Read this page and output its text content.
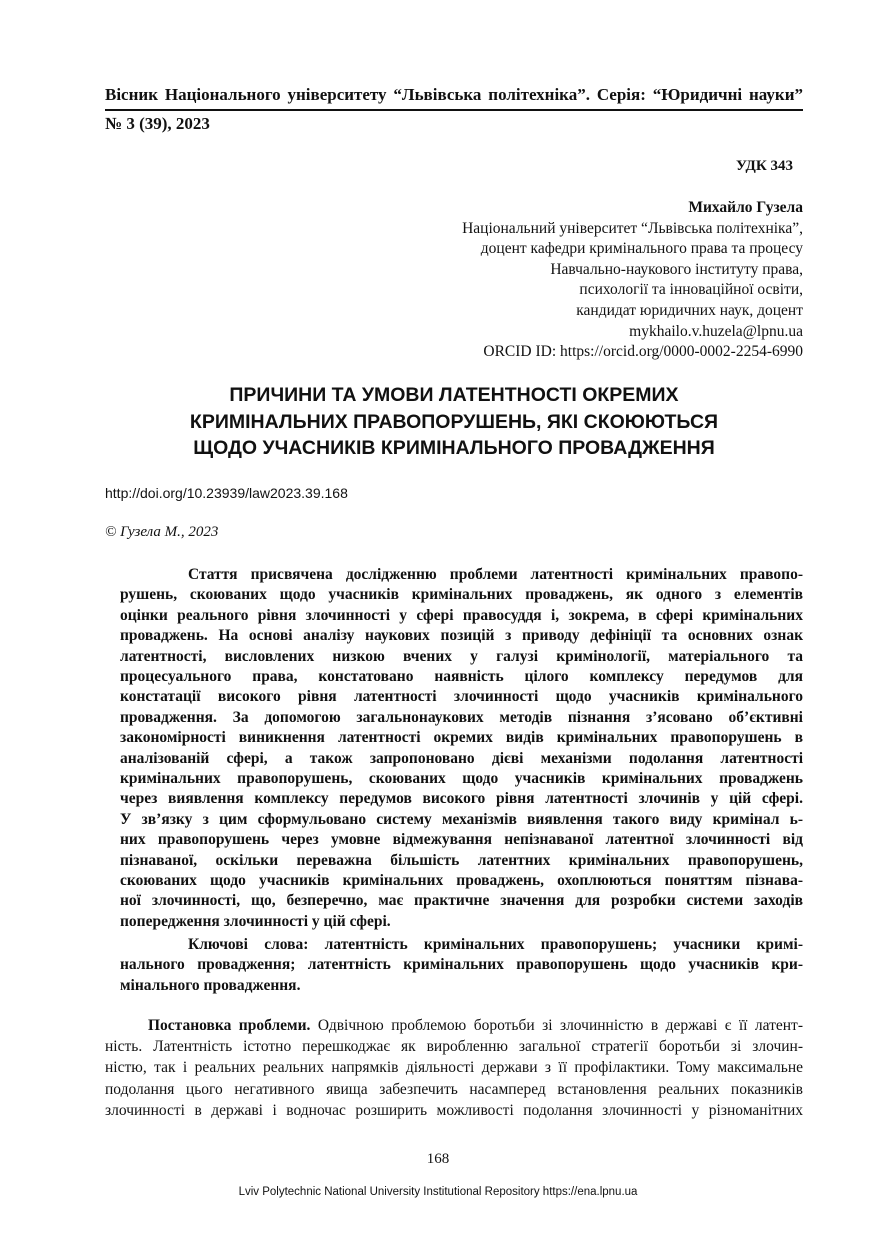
Вісник Національного університету “Львівська політехніка”. Серія: “Юридичні науки”
№ 3 (39), 2023
УДК 343
Михайло Гузела
Національний університет “Львівська політехніка”,
доцент кафедри кримінального права та процесу
Навчально-наукового інституту права,
психології та інноваційної освіти,
кандидат юридичних наук, доцент
mykhailo.v.huzela@lpnu.ua
ORCID ID: https://orcid.org/0000-0002-2254-6990
ПРИЧИНИ ТА УМОВИ ЛАТЕНТНОСТІ ОКРЕМИХ
КРИМІНАЛЬНИХ ПРАВОПОРУШЕНЬ, ЯКІ СКОЮЮТЬСЯ
ЩОДО УЧАСНИКІВ КРИМІНАЛЬНОГО ПРОВАДЖЕННЯ
http://doi.org/10.23939/law2023.39.168
© Гузела М., 2023
Стаття присвячена дослідженню проблеми латентності кримінальних правопо-
рушень, скоюваних щодо учасників кримінальних проваджень, як одного з елементів
оцінки реального рівня злочинності у сфері правосуддя і, зокрема, в сфері кримінальних
проваджень. На основі аналізу наукових позицій з приводу дефініції та основних ознак
латентності, висловлених низкою вчених у галузі кримінології, матеріального та
процесуального права, констатовано наявність цілого комплексу передумов для
констатації високого рівня латентності злочинності щодо учасників кримінального
провадження. За допомогою загальнонаукових методів пізнання з’ясовано об’єктивні
закономірності виникнення латентності окремих видів кримінальних правопорушень в
аналізованій сфері, а також запропоновано дієві механізми подолання латентності
кримінальних правопорушень, скоюваних щодо учасників кримінальних проваджень
через виявлення комплексу передумов високого рівня латентності злочинів у цій сфері.
У зв’язку з цим сформульовано систему механізмів виявлення такого виду кримінал ь-
них правопорушень через умовне відмежування непізнаваної латентної злочинності від
пізнаваної, оскільки переважна більшість латентних кримінальних правопорушень,
скоюваних щодо учасників кримінальних проваджень, охоплюються поняттям пізнава-
ної злочинності, що, безперечно, має практичне значення для розробки системи заходів
попередження злочинності у цій сфері.
Ключові слова: латентність кримінальних правопорушень; учасники кримі-
нального провадження; латентність кримінальних правопорушень щодо учасників кри-
мінального провадження.
Постановка проблеми. Одвічною проблемою боротьби зі злочинністю в державі є її латент-
ність. Латентність істотно перешкоджає як виробленню загальної стратегії боротьби зі злочин-
ністю, так і реальних реальних напрямків діяльності держави з її профілактики. Тому максимальне
подолання цього негативного явища забезпечить насамперед встановлення реальних показників
злочинності в державі і водночас розширить можливості подолання злочинності у різноманітних
168
Lviv Polytechnic National University Institutional Repository https://ena.lpnu.ua
